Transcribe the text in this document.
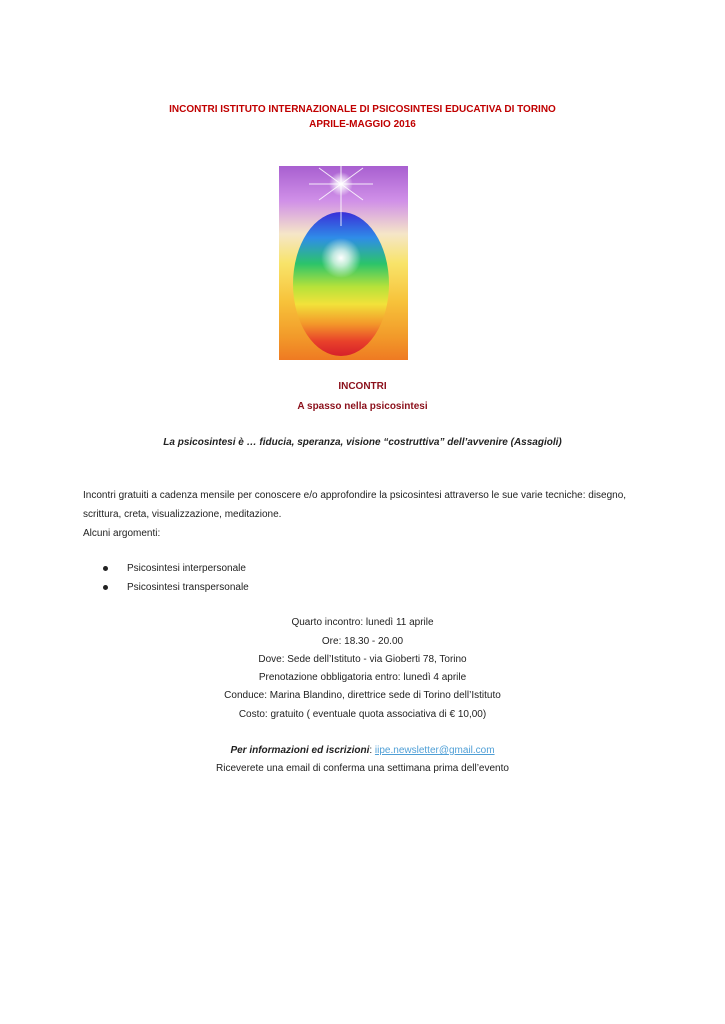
INCONTRI ISTITUTO INTERNAZIONALE DI PSICOSINTESI EDUCATIVA DI TORINO
APRILE-MAGGIO 2016
INCONTRI
A spasso nella psicosintesi
La psicosintesi è … fiducia, speranza, visione “costruttiva” dell’avvenire (Assagioli)
Incontri gratuiti a cadenza mensile per conoscere e/o approfondire la psicosintesi attraverso le sue varie tecniche: disegno,
scrittura, creta, visualizzazione, meditazione.
Alcuni argomenti:
Psicosintesi interpersonale
Psicosintesi transpersonale
Quarto incontro: lunedì 11 aprile
Ore: 18.30 - 20.00
Dove: Sede dell’Istituto - via Gioberti 78, Torino
Prenotazione obbligatoria entro: lunedì 4 aprile
Conduce: Marina Blandino, direttrice sede di Torino dell’Istituto
Costo: gratuito ( eventuale quota associativa di € 10,00)
Per informazioni ed iscrizioni: iipe.newsletter@gmail.com
Riceverete una email di conferma una settimana prima dell’evento
